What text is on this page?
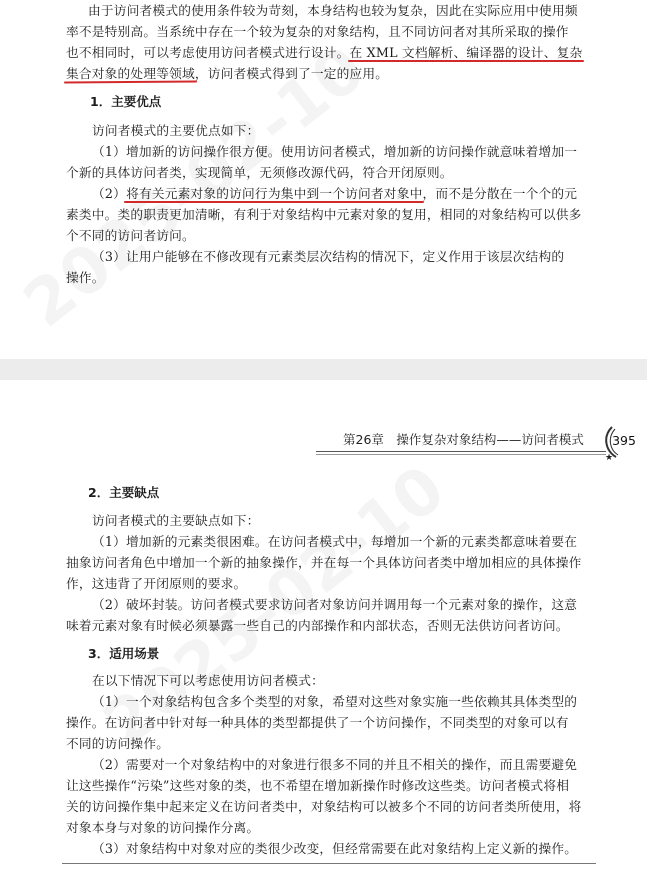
由于访问者模式的使用条件较为苛刻，本身结构也较为复杂，因此在实际应用中使用频
率不是特别高。当系统中存在一个较为复杂的对象结构，且不同访问者对其所采取的操作
也不相同时，可以考虑使用访问者模式进行设计。在 XML 文档解析、编译器的设计、复杂
集合对象的处理等领域，访问者模式得到了一定的应用。
1．主要优点
访问者模式的主要优点如下：
（1）增加新的访问操作很方便。使用访问者模式，增加新的访问操作就意味着增加一
个新的具体访问者类，实现简单，无须修改源代码，符合开闭原则。
（2）将有关元素对象的访问行为集中到一个访问者对象中，而不是分散在一个个的元
素类中。类的职责更加清晰，有利于对象结构中元素对象的复用，相同的对象结构可以供多
个不同的访问者访问。
（3）让用户能够在不修改现有元素类层次结构的情况下，定义作用于该层次结构的
操作。
第26章　操作复杂对象结构——访问者模式
★
395
2．主要缺点
访问者模式的主要缺点如下：
（1）增加新的元素类很困难。在访问者模式中，每增加一个新的元素类都意味着要在
抽象访问者角色中增加一个新的抽象操作，并在每一个具体访问者类中增加相应的具体操作
作，这违背了开闭原则的要求。
（2）破坏封装。访问者模式要求访问者对象访问并调用每一个元素对象的操作，这意
味着元素对象有时候必须暴露一些自己的内部操作和内部状态，否则无法供访问者访问。
3．适用场景
在以下情况下可以考虑使用访问者模式：
（1）一个对象结构包含多个类型的对象，希望对这些对象实施一些依赖其具体类型的
操作。在访问者中针对每一种具体的类型都提供了一个访问操作，不同类型的对象可以有
不同的访问操作。
（2）需要对一个对象结构中的对象进行很多不同的并且不相关的操作，而且需要避免
让这些操作“污染”这些对象的类，也不希望在增加新操作时修改这些类。访问者模式将相
关的访问操作集中起来定义在访问者类中，对象结构可以被多个不同的访问者类所使用，将
对象本身与对象的访问操作分离。
（3）对象结构中对象对应的类很少改变，但经常需要在此对象结构上定义新的操作。
